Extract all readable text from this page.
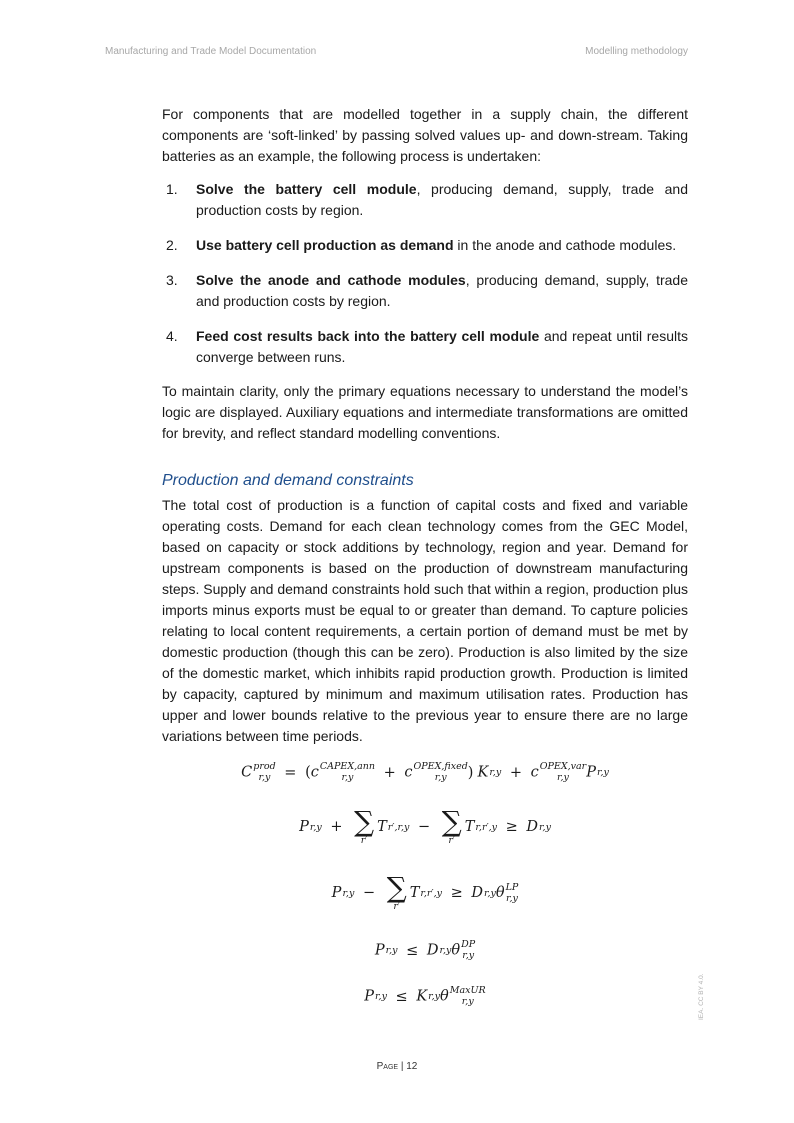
Manufacturing and Trade Model Documentation	Modelling methodology

For components that are modelled together in a supply chain, the different components are ‘soft-linked’ by passing solved values up- and down-stream. Taking batteries as an example, the following process is undertaken:

1. Solve the battery cell module, producing demand, supply, trade and production costs by region.
2. Use battery cell production as demand in the anode and cathode modules.
3. Solve the anode and cathode modules, producing demand, supply, trade and production costs by region.
4. Feed cost results back into the battery cell module and repeat until results converge between runs.

To maintain clarity, only the primary equations necessary to understand the model’s logic are displayed. Auxiliary equations and intermediate transformations are omitted for brevity, and reflect standard modelling conventions.

Production and demand constraints

The total cost of production is a function of capital costs and fixed and variable operating costs. Demand for each clean technology comes from the GEC Model, based on capacity or stock additions by technology, region and year. Demand for upstream components is based on the production of downstream manufacturing steps. Supply and demand constraints hold such that within a region, production plus imports minus exports must be equal to or greater than demand. To capture policies relating to local content requirements, a certain portion of demand must be met by domestic production (though this can be zero). Production is also limited by the size of the domestic market, which inhibits rapid production growth. Production is limited by capacity, captured by minimum and maximum utilisation rates. Production has upper and lower bounds relative to the previous year to ensure there are no large variations between time periods.

C prod
r,y = (c CAPEX,ann
r,y	+ c OPEX,fixed
r,y	) K r,y + c OPEX,var
r,y	P r,y
P r,y + ∑
r′
T r′,r,y − ∑
r′
T r,r′,y ≥ D r,y
P r,y − ∑
r′
T r,r′,y ≥ D r,y θ LP
r,y
P r,y ≤ D r,y θ DP
r,y
P r,y ≤ K r,y θ MaxUR
r,y
Page | 12
IEA. CC BY 4.0.
